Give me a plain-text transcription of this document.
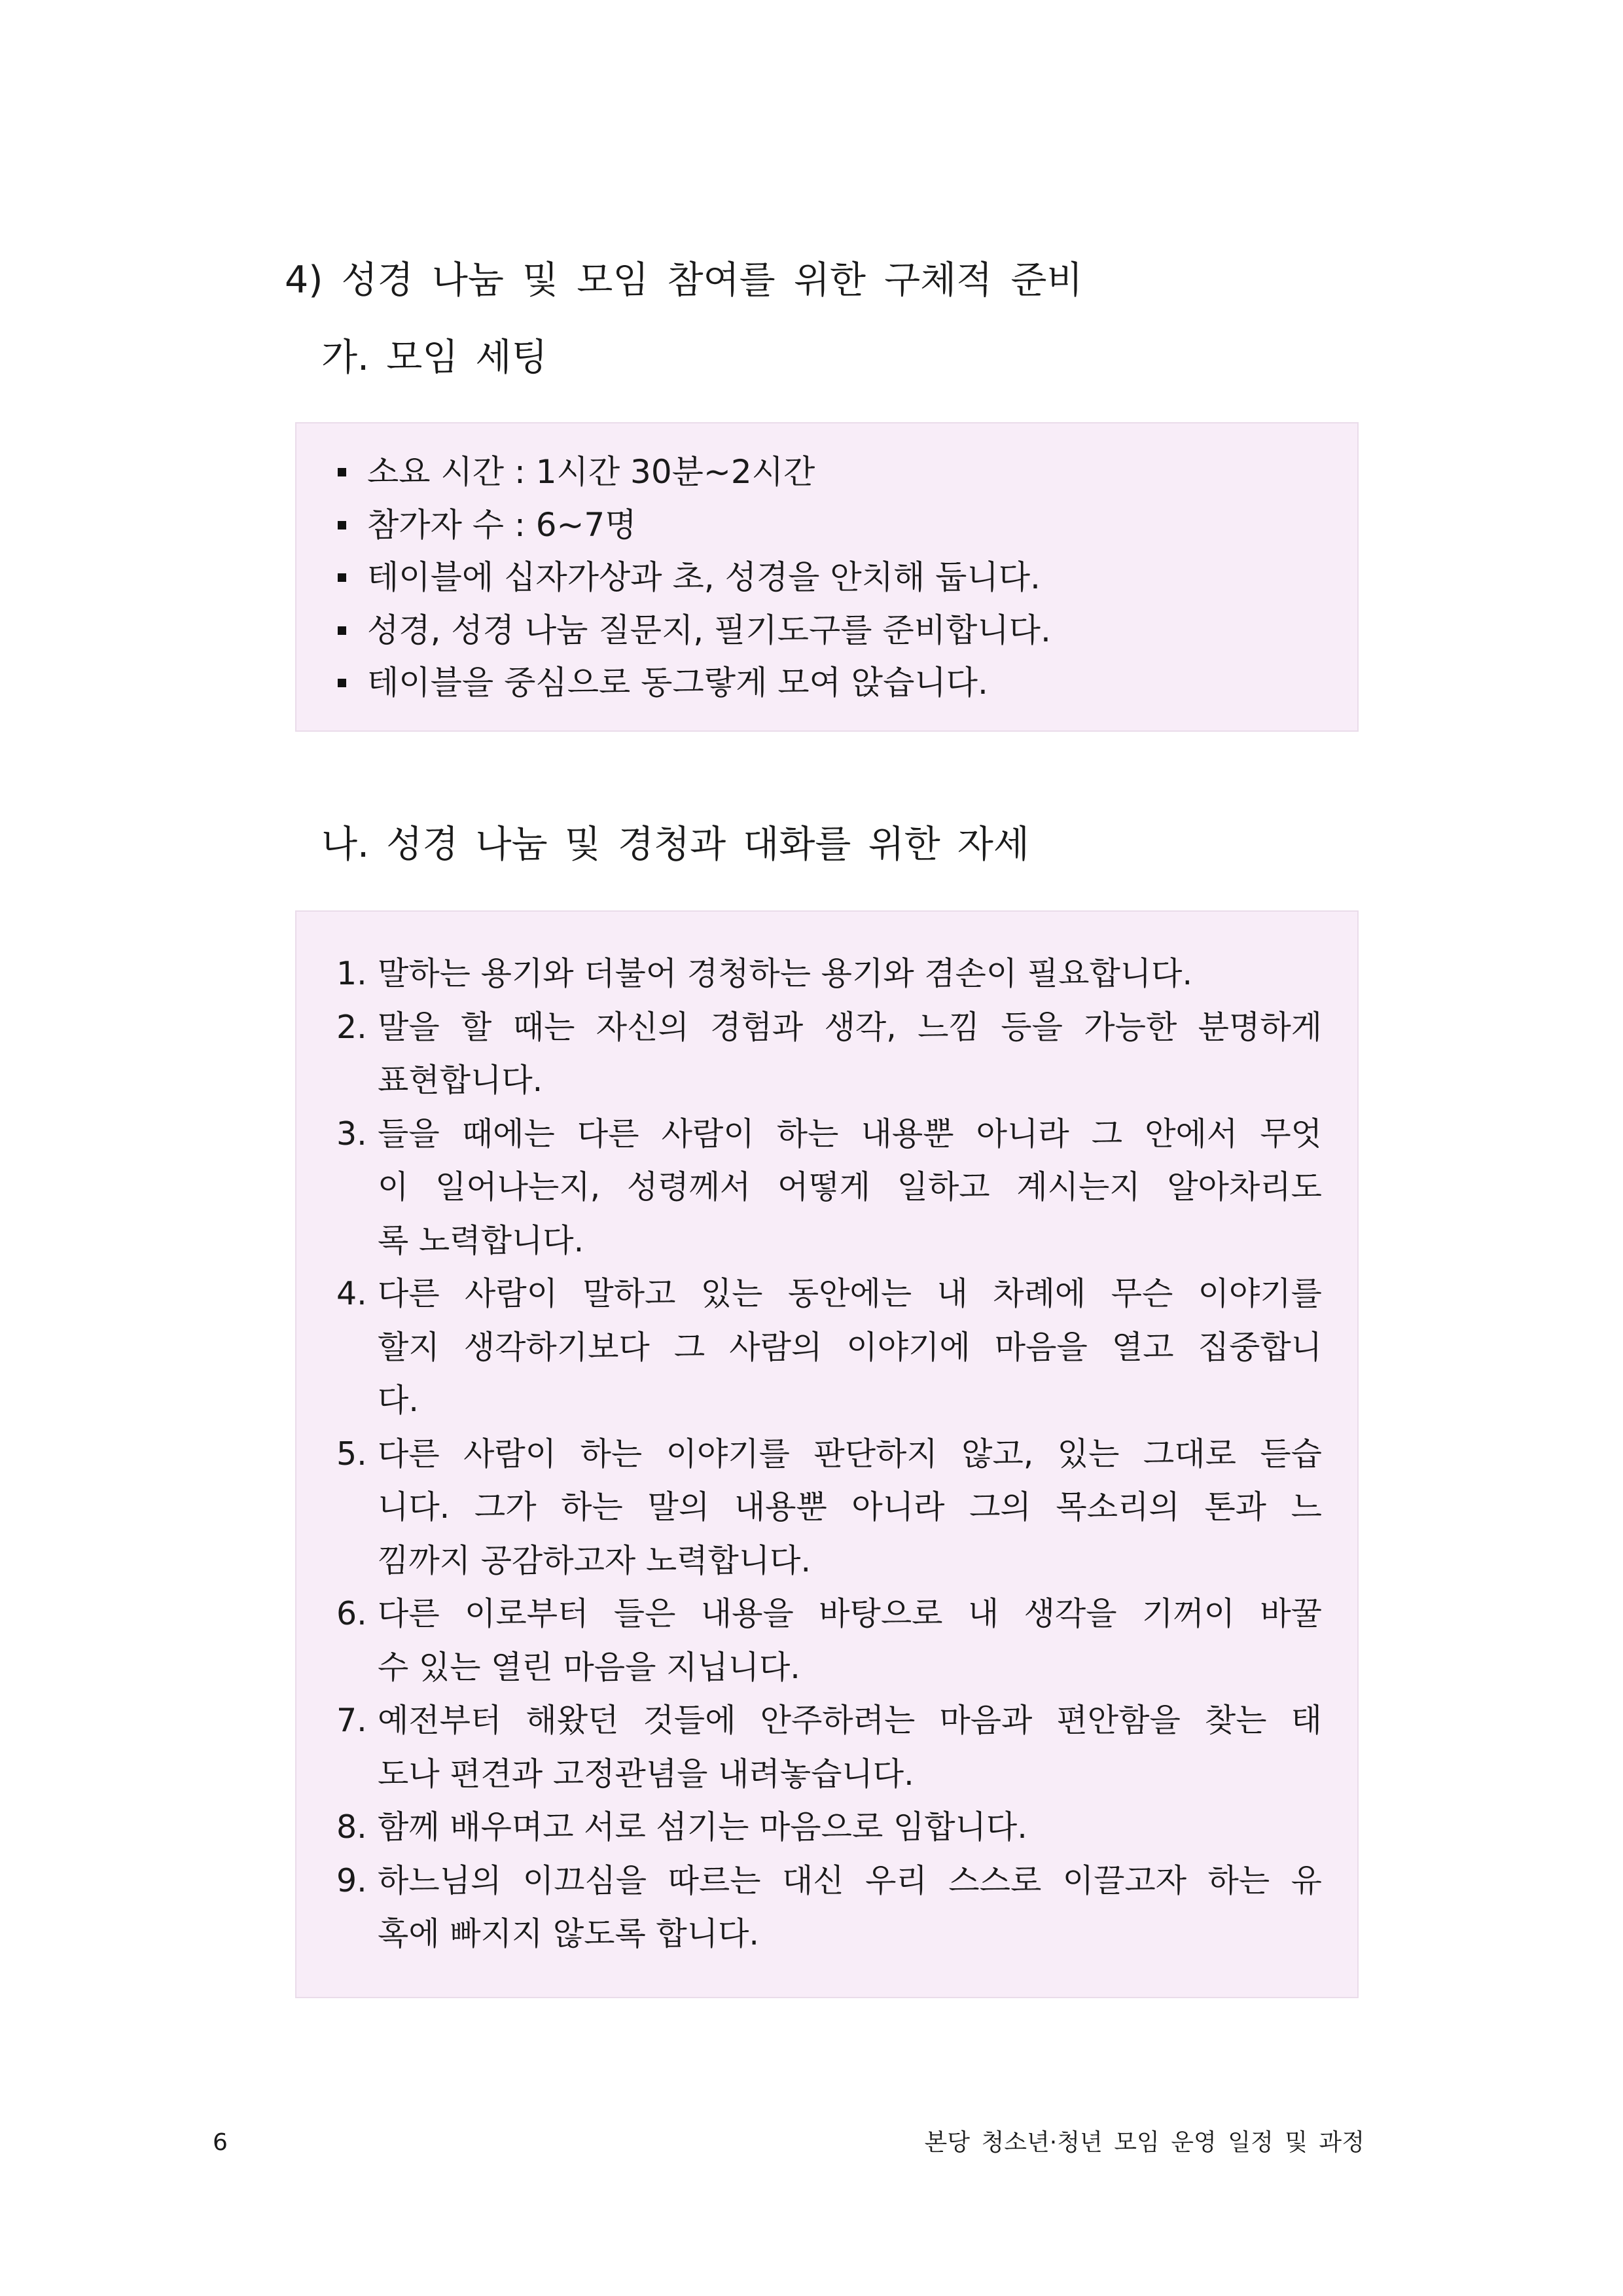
4) 성경 나눔 및 모임 참여를 위한 구체적 준비
가. 모임 세팅
소요 시간 : 1시간 30분~2시간
참가자 수 : 6~7명
테이블에 십자가상과 초, 성경을 안치해 둡니다.
성경, 성경 나눔 질문지, 필기도구를 준비합니다.
테이블을 중심으로 동그랗게 모여 앉습니다.
나. 성경 나눔 및 경청과 대화를 위한 자세
1. 말하는 용기와 더불어 경청하는 용기와 겸손이 필요합니다.
2. 말을 할 때는 자신의 경험과 생각, 느낌 등을 가능한 분명하게
표현합니다.
3. 들을 때에는 다른 사람이 하는 내용뿐 아니라 그 안에서 무엇
이 일어나는지, 성령께서 어떻게 일하고 계시는지 알아차리도
록 노력합니다.
4. 다른 사람이 말하고 있는 동안에는 내 차례에 무슨 이야기를
할지 생각하기보다 그 사람의 이야기에 마음을 열고 집중합니
다.
5. 다른 사람이 하는 이야기를 판단하지 않고, 있는 그대로 듣습
니다. 그가 하는 말의 내용뿐 아니라 그의 목소리의 톤과 느
낌까지 공감하고자 노력합니다.
6. 다른 이로부터 들은 내용을 바탕으로 내 생각을 기꺼이 바꿀
수 있는 열린 마음을 지닙니다.
7. 예전부터 해왔던 것들에 안주하려는 마음과 편안함을 찾는 태
도나 편견과 고정관념을 내려놓습니다.
8. 함께 배우며고 서로 섬기는 마음으로 임합니다.
9. 하느님의 이끄심을 따르는 대신 우리 스스로 이끌고자 하는 유
혹에 빠지지 않도록 합니다.
6	본당 청소년·청년 모임 운영 일정 및 과정
